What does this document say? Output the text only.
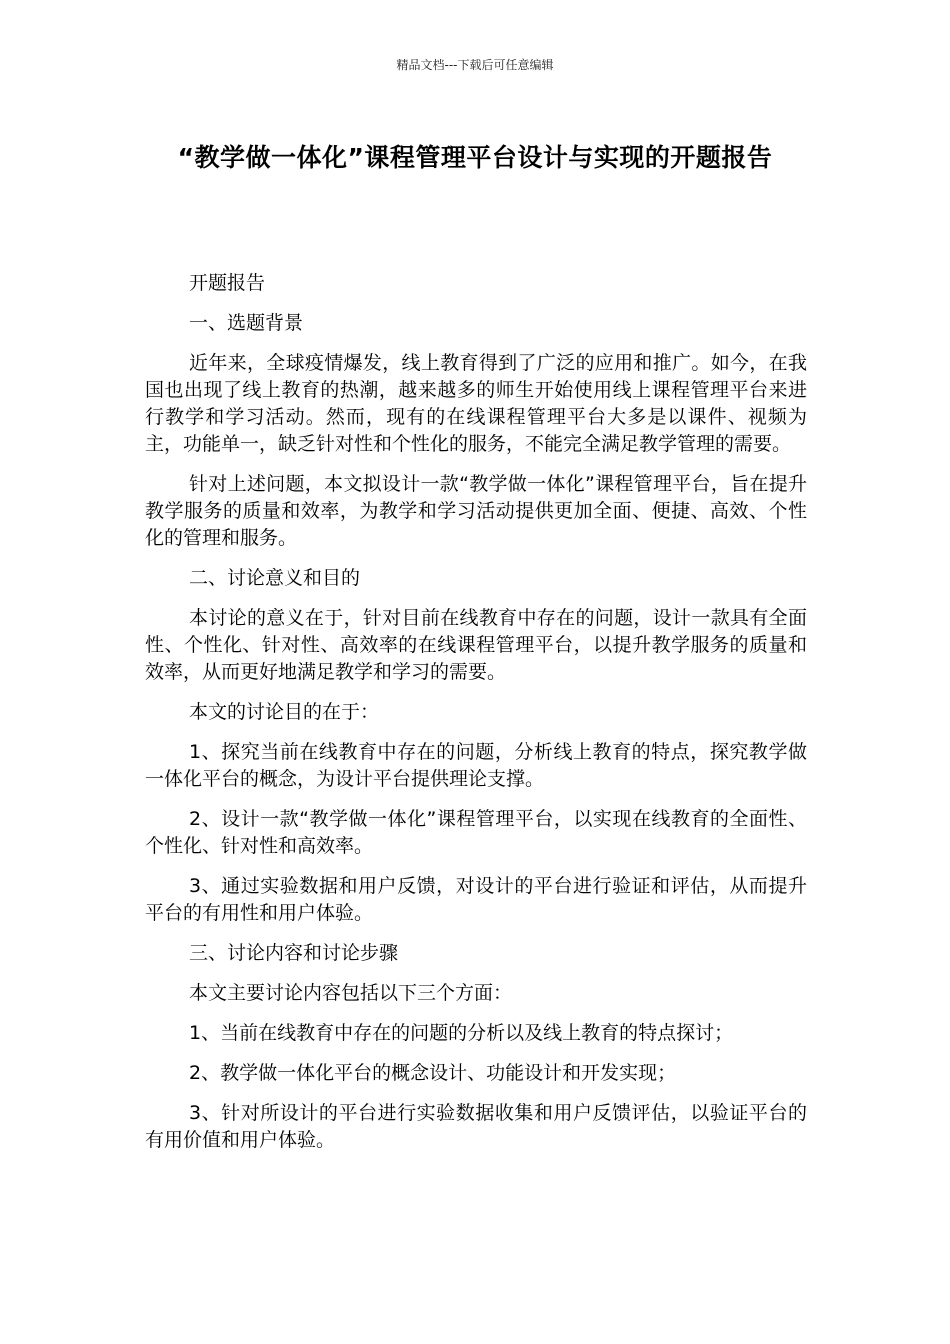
精品文档---下载后可任意编辑
“教学做一体化”课程管理平台设计与实现的开题报告

开题报告

一、选题背景

近年来，全球疫情爆发，线上教育得到了广泛的应用和推广。如今，在我国也出现了线上教育的热潮，越来越多的师生开始使用线上课程管理平台来进行教学和学习活动。然而，现有的在线课程管理平台大多是以课件、视频为主，功能单一，缺乏针对性和个性化的服务，不能完全满足教学管理的需要。

针对上述问题，本文拟设计一款“教学做一体化”课程管理平台，旨在提升教学服务的质量和效率，为教学和学习活动提供更加全面、便捷、高效、个性化的管理和服务。

二、讨论意义和目的

本讨论的意义在于，针对目前在线教育中存在的问题，设计一款具有全面性、个性化、针对性、高效率的在线课程管理平台，以提升教学服务的质量和效率，从而更好地满足教学和学习的需要。

本文的讨论目的在于：

1、探究当前在线教育中存在的问题，分析线上教育的特点，探究教学做一体化平台的概念，为设计平台提供理论支撑。

2、设计一款“教学做一体化”课程管理平台，以实现在线教育的全面性、个性化、针对性和高效率。

3、通过实验数据和用户反馈，对设计的平台进行验证和评估，从而提升平台的有用性和用户体验。

三、讨论内容和讨论步骤

本文主要讨论内容包括以下三个方面：

1、当前在线教育中存在的问题的分析以及线上教育的特点探讨；

2、教学做一体化平台的概念设计、功能设计和开发实现；

3、针对所设计的平台进行实验数据收集和用户反馈评估，以验证平台的有用价值和用户体验。
